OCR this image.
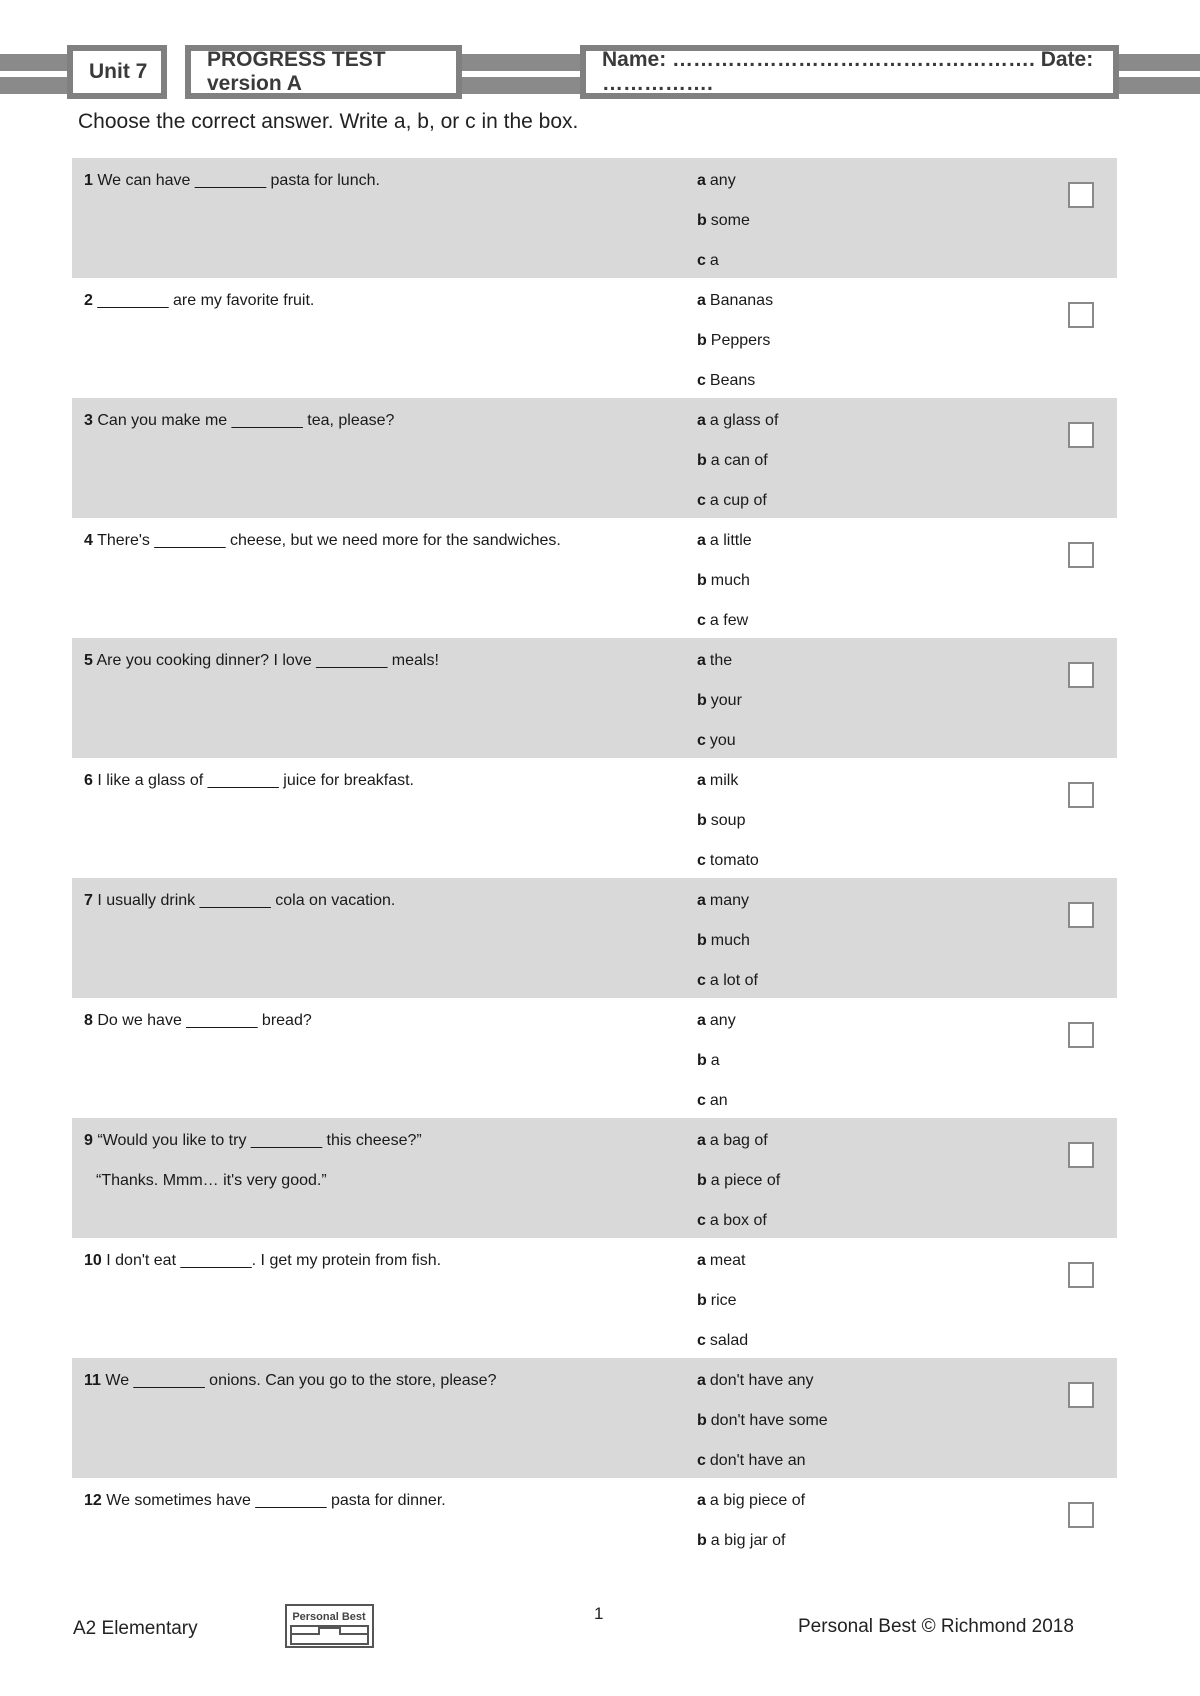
Unit 7
PROGRESS TEST version A
Name: ……………………………………………. Date: …………….
Choose the correct answer. Write a, b, or c in the box.
1 We can have ________ pasta for lunch.	a any
b some
c a
2 ________ are my favorite fruit.	a Bananas
b Peppers
c Beans
3 Can you make me ________ tea, please?	a a glass of
b a can of
c a cup of
4 There's ________ cheese, but we need more for the sandwiches.	a a little
b much
c a few
5 Are you cooking dinner? I love ________ meals!	a the
b your
c you
6 I like a glass of ________ juice for breakfast.	a milk
b soup
c tomato
7 I usually drink ________ cola on vacation.	a many
b much
c a lot of
8 Do we have ________ bread?	a any
b a
c an
9 “Would you like to try ________ this cheese?”
“Thanks. Mmm… it's very good.”
a a bag of
b a piece of
c a box of
10 I don't eat ________. I get my protein from fish.	a meat
b rice
c salad
11 We ________ onions. Can you go to the store, please?	a don't have any
b don't have some
c don't have an
12 We sometimes have ________ pasta for dinner.	a a big piece of
b a big jar of
A2 Elementary
Personal Best	1
Personal Best © Richmond 2018
